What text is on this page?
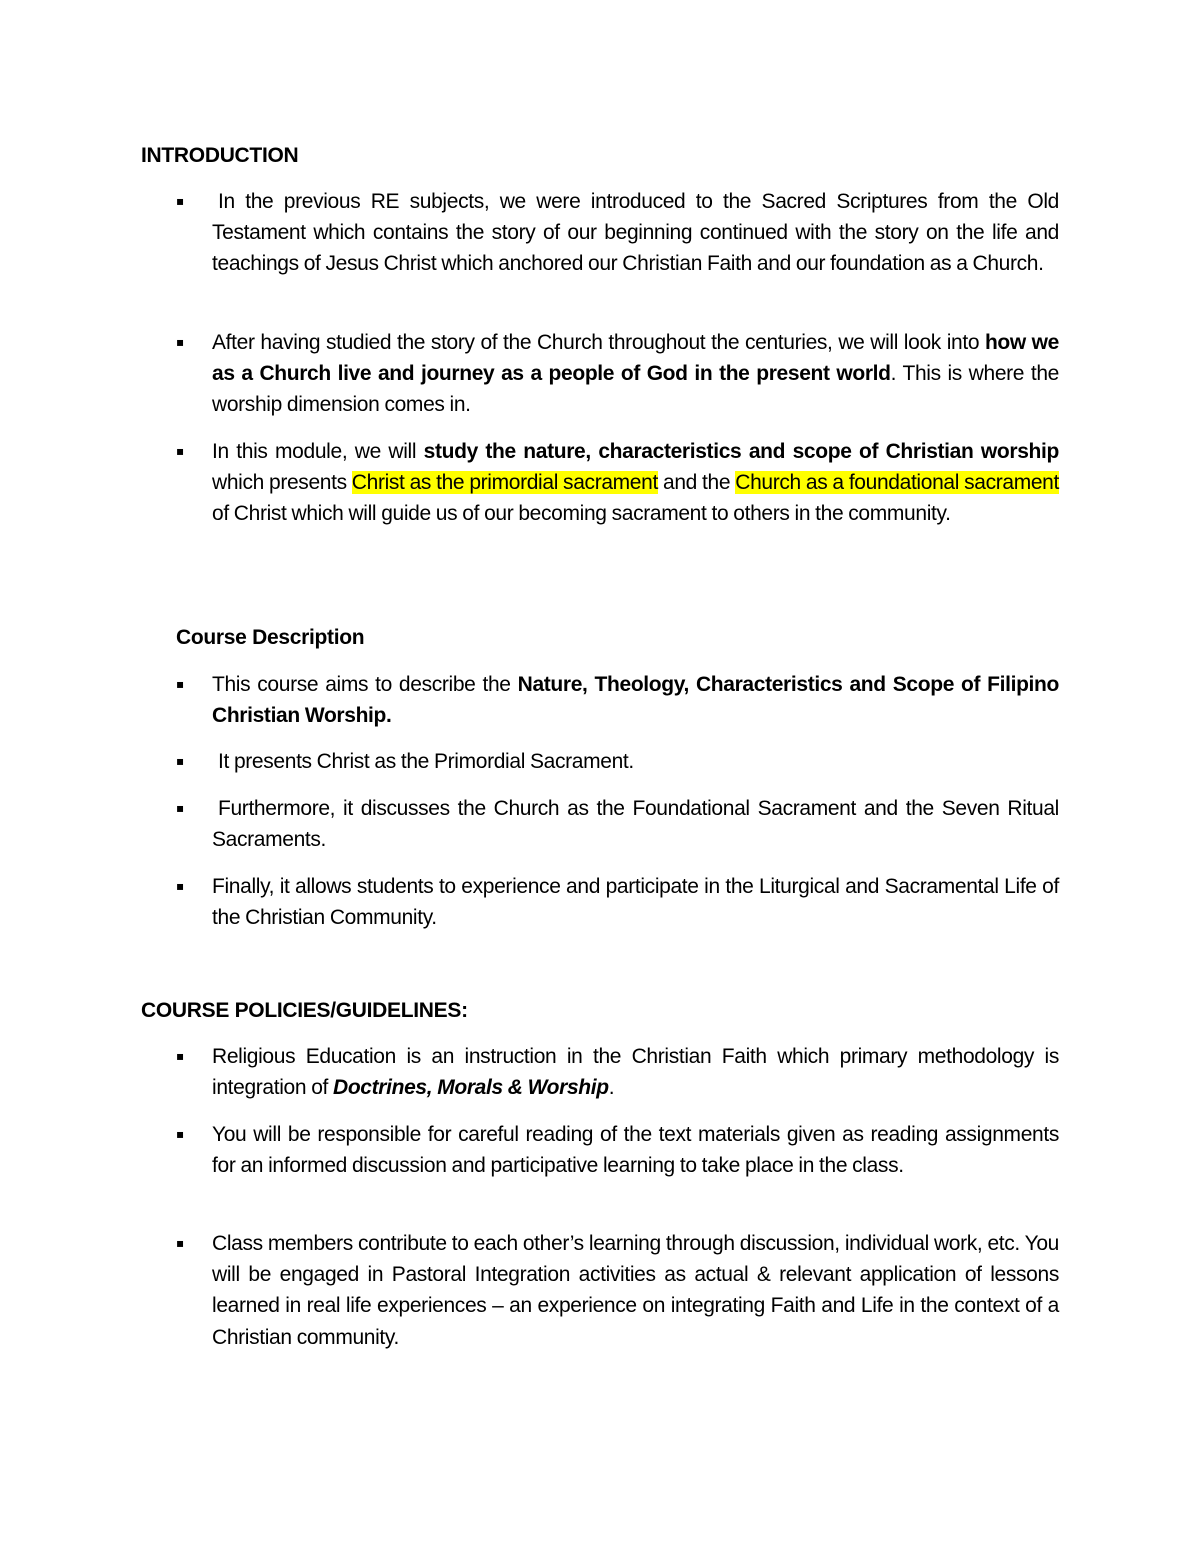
INTRODUCTION
▪ In the previous RE subjects, we were introduced to the Sacred Scriptures from the Old Testament which contains the story of our beginning continued with the story on the life and teachings of Jesus Christ which anchored our Christian Faith and our foundation as a Church.
▪ After having studied the story of the Church throughout the centuries, we will look into how we as a Church live and journey as a people of God in the present world. This is where the worship dimension comes in.
▪ In this module, we will study the nature, characteristics and scope of Christian worship which presents Christ as the primordial sacrament and the Church as a foundational sacrament of Christ which will guide us of our becoming sacrament to others in the community.
Course Description
▪ This course aims to describe the Nature, Theology, Characteristics and Scope of Filipino Christian Worship.
▪ It presents Christ as the Primordial Sacrament.
▪ Furthermore, it discusses the Church as the Foundational Sacrament and the Seven Ritual Sacraments.
▪ Finally, it allows students to experience and participate in the Liturgical and Sacramental Life of the Christian Community.
COURSE POLICIES/GUIDELINES:
▪ Religious Education is an instruction in the Christian Faith which primary methodology is integration of Doctrines, Morals & Worship.
▪ You will be responsible for careful reading of the text materials given as reading assignments for an informed discussion and participative learning to take place in the class.
▪ Class members contribute to each other’s learning through discussion, individual work, etc. You will be engaged in Pastoral Integration activities as actual & relevant application of lessons learned in real life experiences – an experience on integrating Faith and Life in the context of a Christian community.
